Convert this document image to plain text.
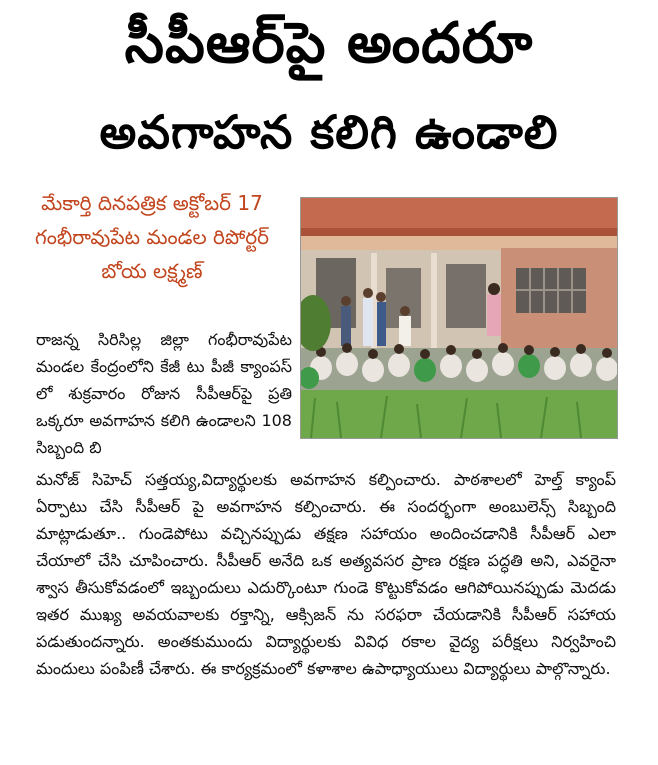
సీపీఆర్‌పై అందరూ
అవగాహన కలిగి ఉండాలి
మేకార్తి దినపత్రిక అక్టోబర్ 17 గంభీరావుపేట మండల రిపోర్టర్ బోయ లక్ష్మణ్

రాజన్న సిరిసిల్ల జిల్లా గంభీరావుపేట మండల కేంద్రంలోని కేజీ టు పీజీ క్యాంపస్ లో శుక్రవారం రోజున సీపీఆర్‌పై ప్రతి ఒక్కరూ అవగాహన కలిగి ఉండాలని 108 సిబ్బంది బి

మనోజ్ సిహెచ్ సత్తయ్య,విద్యార్థులకు అవగాహన కల్పించారు. పాఠశాలలో హెల్త్ క్యాంప్ ఏర్పాటు చేసి సీపీఆర్ పై అవగాహన కల్పించారు. ఈ సందర్భంగా అంబులెన్స్ సిబ్బంది మాట్లాడుతూ.. గుండెపోటు వచ్చినప్పుడు తక్షణ సహాయం అందించడానికి సీపీఆర్ ఎలా చేయాలో చేసి చూపించారు. సీపీఆర్ అనేది ఒక అత్యవసర ప్రాణ రక్షణ పద్ధతి అని, ఎవరైనా శ్వాస తీసుకోవడంలో ఇబ్బందులు ఎదుర్కొంటూ గుండె కొట్టుకోవడం ఆగిపోయినప్పుడు మెదడు ఇతర ముఖ్య అవయవాలకు రక్తాన్ని, ఆక్సిజన్ ను సరఫరా చేయడానికి సీపీఆర్ సహాయ పడుతుందన్నారు. అంతకుముందు విద్యార్థులకు వివిధ రకాల వైద్య పరీక్షలు నిర్వహించి మందులు పంపిణీ చేశారు. ఈ కార్యక్రమంలో కళాశాల ఉపాధ్యాయులు విద్యార్థులు పాల్గొన్నారు.
